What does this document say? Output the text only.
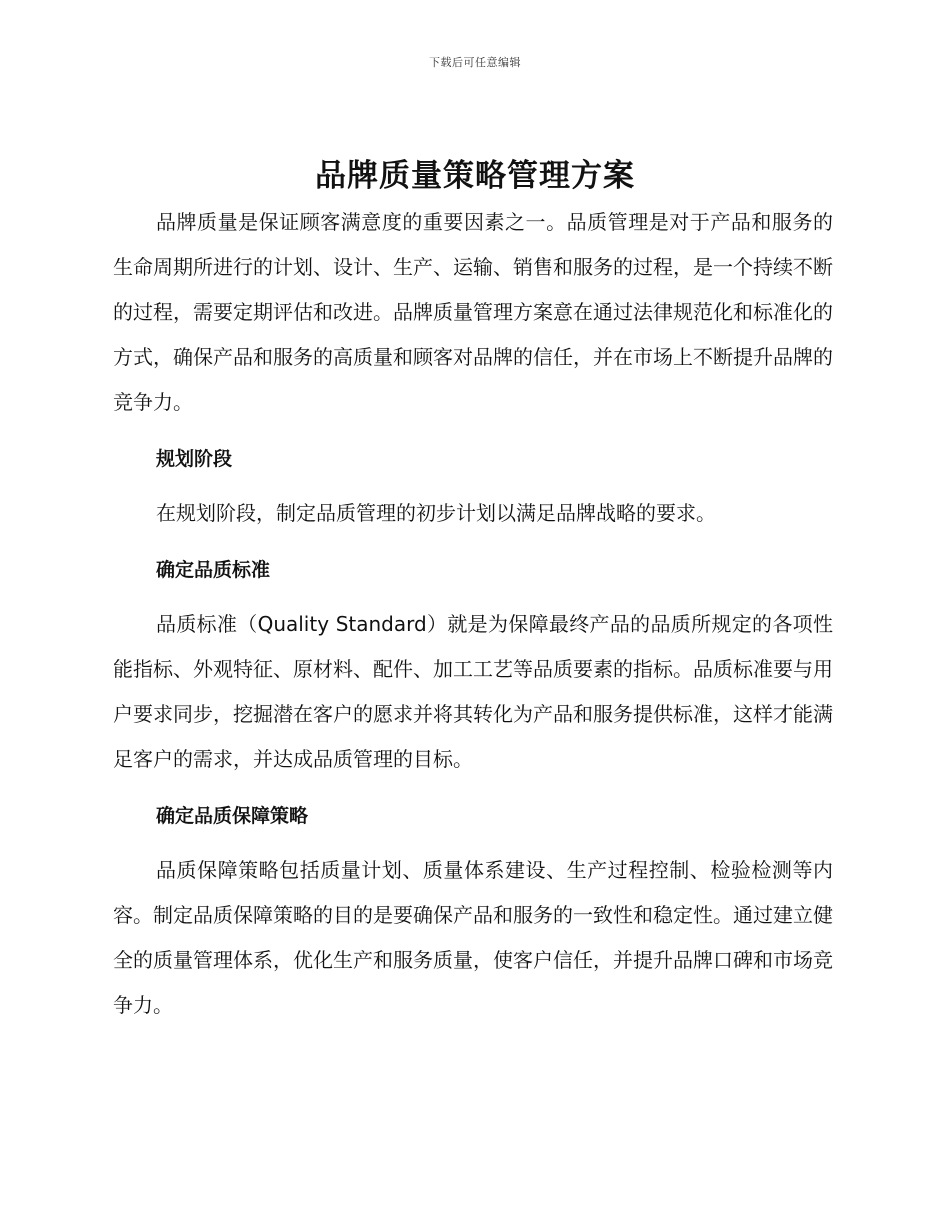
下载后可任意编辑
品牌质量策略管理方案

品牌质量是保证顾客满意度的重要因素之一。品质管理是对于产品和服务的生命周期所进行的计划、设计、生产、运输、销售和服务的过程，是一个持续不断的过程，需要定期评估和改进。品牌质量管理方案意在通过法律规范化和标准化的方式，确保产品和服务的高质量和顾客对品牌的信任，并在市场上不断提升品牌的竞争力。

规划阶段

在规划阶段，制定品质管理的初步计划以满足品牌战略的要求。

确定品质标准

品质标准（Quality Standard）就是为保障最终产品的品质所规定的各项性能指标、外观特征、原材料、配件、加工工艺等品质要素的指标。品质标准要与用户要求同步，挖掘潜在客户的愿求并将其转化为产品和服务提供标准，这样才能满足客户的需求，并达成品质管理的目标。

确定品质保障策略

品质保障策略包括质量计划、质量体系建设、生产过程控制、检验检测等内容。制定品质保障策略的目的是要确保产品和服务的一致性和稳定性。通过建立健全的质量管理体系，优化生产和服务质量，使客户信任，并提升品牌口碑和市场竞争力。
